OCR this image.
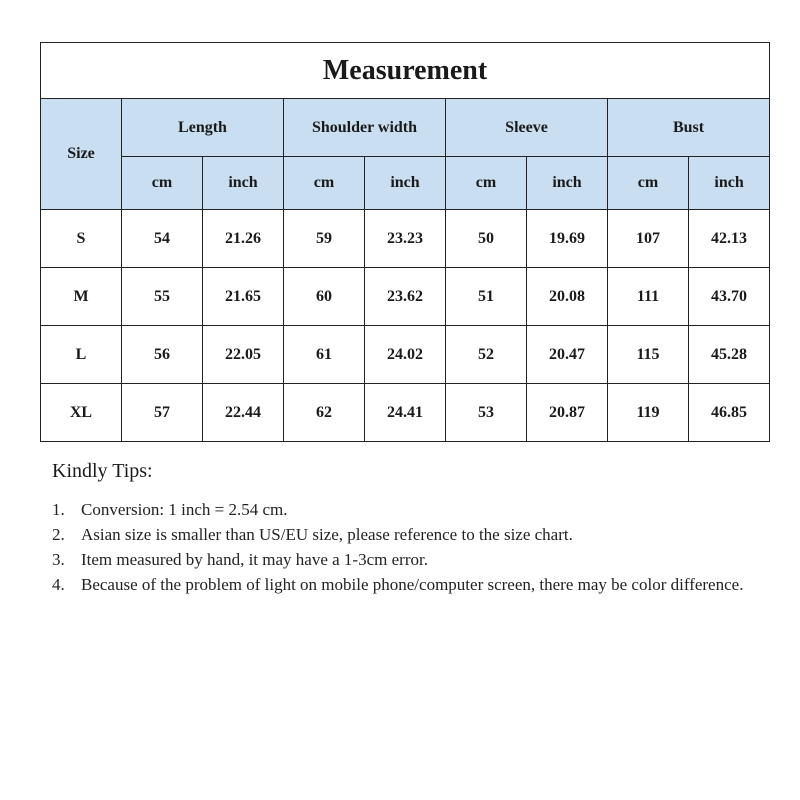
Measurement								
Size	Length		Shoulder width		Sleeve		Bust	
	cm	inch	cm	inch	cm	inch	cm	inch
S	54	21.26	59	23.23	50	19.69	107	42.13
M	55	21.65	60	23.62	51	20.08	111	43.70
L	56	22.05	61	24.02	52	20.47	115	45.28
XL	57	22.44	62	24.41	53	20.87	119	46.85
Kindly Tips:
1. Conversion: 1 inch = 2.54 cm.
2. Asian size is smaller than US/EU size, please reference to the size chart.
3. Item measured by hand, it may have a 1-3cm error.
4. Because of the problem of light on mobile phone/computer screen, there may be color difference.
